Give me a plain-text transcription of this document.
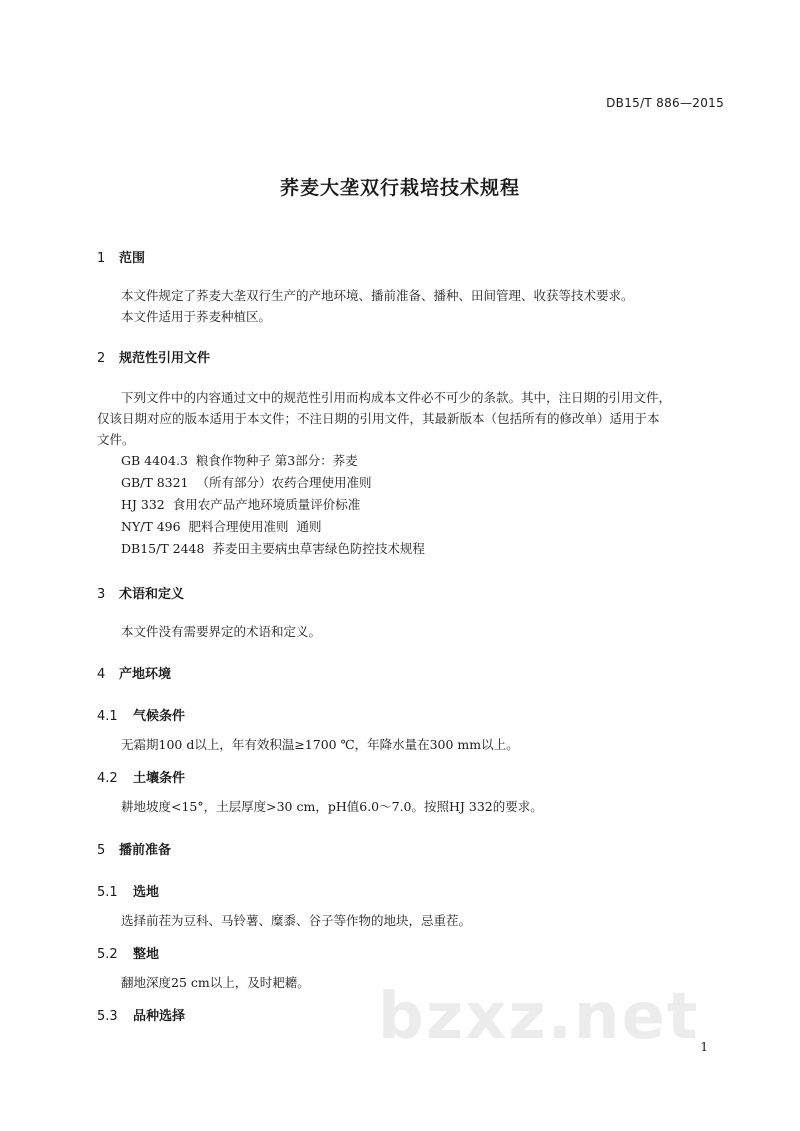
DB15/T 886—2015
荞麦大垄双行栽培技术规程
1 范围
本文件规定了荞麦大垄双行生产的产地环境、播前准备、播种、田间管理、收获等技术要求。
本文件适用于荞麦种植区。
2 规范性引用文件
下列文件中的内容通过文中的规范性引用而构成本文件必不可少的条款。其中，注日期的引用文件，
仅该日期对应的版本适用于本文件；不注日期的引用文件，其最新版本（包括所有的修改单）适用于本
文件。
GB 4404.3  粮食作物种子 第3部分：荞麦
GB/T 8321  （所有部分）农药合理使用准则
HJ 332  食用农产品产地环境质量评价标准
NY/T 496  肥料合理使用准则  通则
DB15/T 2448  荞麦田主要病虫草害绿色防控技术规程
3 术语和定义
本文件没有需要界定的术语和定义。
4 产地环境
4.1 气候条件
无霜期100 d以上，年有效积温≥1700 ℃，年降水量在300 mm以上。
4.2 土壤条件
耕地坡度<15°，土层厚度>30 cm，pH值6.0～7.0。按照HJ 332的要求。
5 播前准备
5.1 选地
选择前茬为豆科、马铃薯、糜黍、谷子等作物的地块，忌重茬。
5.2 整地
翻地深度25 cm以上，及时耙耱。	bzxz.net
5.3 品种选择
1
